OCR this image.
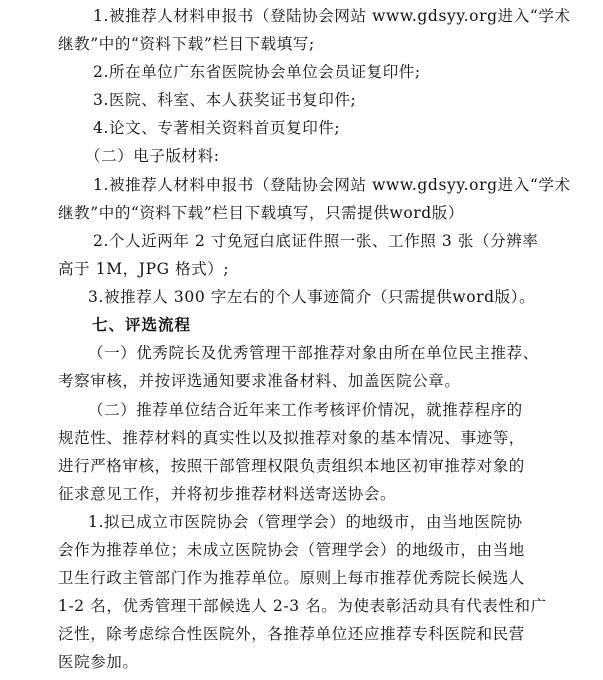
1.被推荐人材料申报书（登陆协会网站 www.gdsyy.org进入“学术
继教”中的“资料下载”栏目下载填写;
2.所在单位广东省医院协会单位会员证复印件;
3.医院、科室、本人获奖证书复印件;
4.论文、专著相关资料首页复印件;
（二）电子版材料:
1.被推荐人材料申报书（登陆协会网站 www.gdsyy.org进入“学术
继教”中的“资料下载”栏目下载填写，只需提供word版）
2.个人近两年 2 寸免冠白底证件照一张、工作照 3 张（分辨率
高于 1M，JPG 格式）;
3.被推荐人 300 字左右的个人事迹简介（只需提供word版）。
七、评选流程
（一）优秀院长及优秀管理干部推荐对象由所在单位民主推荐、
考察审核，并按评选通知要求准备材料、加盖医院公章。
（二）推荐单位结合近年来工作考核评价情况，就推荐程序的
规范性、推荐材料的真实性以及拟推荐对象的基本情况、事迹等，
进行严格审核，按照干部管理权限负责组织本地区初审推荐对象的
征求意见工作，并将初步推荐材料送寄送协会。
1.拟已成立市医院协会（管理学会）的地级市，由当地医院协
会作为推荐单位；未成立医院协会（管理学会）的地级市，由当地
卫生行政主管部门作为推荐单位。原则上每市推荐优秀院长候选人
1-2 名，优秀管理干部候选人 2-3 名。为使表彰活动具有代表性和广
泛性，除考虑综合性医院外，各推荐单位还应推荐专科医院和民营
医院参加。
